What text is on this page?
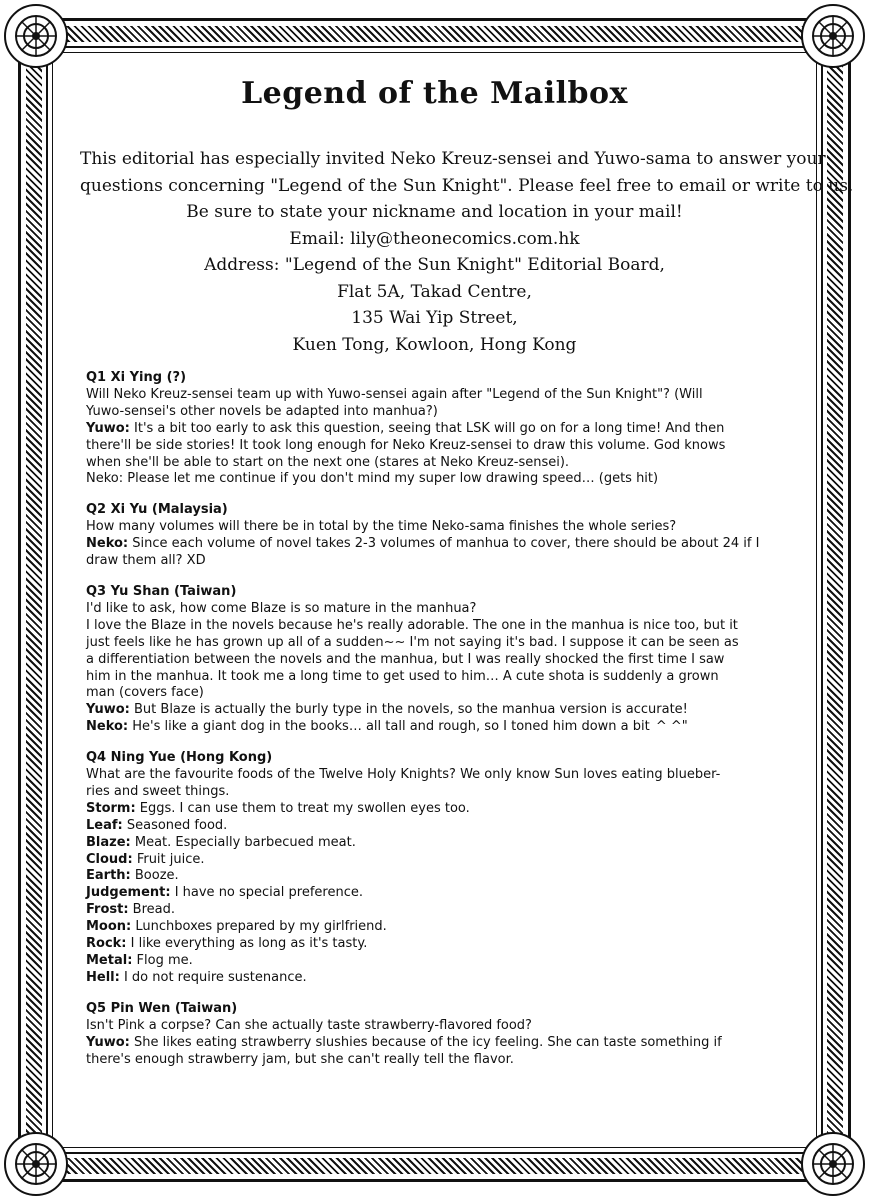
Legend of the Mailbox
This editorial has especially invited Neko Kreuz-sensei and Yuwo-sama to answer your
questions concerning "Legend of the Sun Knight". Please feel free to email or write to us.
Be sure to state your nickname and location in your mail!
Email: lily@theonecomics.com.hk
Address: "Legend of the Sun Knight" Editorial Board,
Flat 5A, Takad Centre,
135 Wai Yip Street,
Kuen Tong, Kowloon, Hong Kong
Q1 Xi Ying (?)
Will Neko Kreuz-sensei team up with Yuwo-sensei again after "Legend of the Sun Knight"? (Will
Yuwo-sensei's other novels be adapted into manhua?)
Yuwo: It's a bit too early to ask this question, seeing that LSK will go on for a long time! And then
there'll be side stories! It took long enough for Neko Kreuz-sensei to draw this volume. God knows
when she'll be able to start on the next one (stares at Neko Kreuz-sensei).
Neko: Please let me continue if you don't mind my super low drawing speed… (gets hit)
Q2 Xi Yu (Malaysia)
How many volumes will there be in total by the time Neko-sama finishes the whole series?
Neko: Since each volume of novel takes 2-3 volumes of manhua to cover, there should be about 24 if I
draw them all? XD
Q3 Yu Shan (Taiwan)
I'd like to ask, how come Blaze is so mature in the manhua?
I love the Blaze in the novels because he's really adorable. The one in the manhua is nice too, but it
just feels like he has grown up all of a sudden~~ I'm not saying it's bad. I suppose it can be seen as
a differentiation between the novels and the manhua, but I was really shocked the first time I saw
him in the manhua. It took me a long time to get used to him… A cute shota is suddenly a grown
man (covers face)
Yuwo: But Blaze is actually the burly type in the novels, so the manhua version is accurate!
Neko: He's like a giant dog in the books… all tall and rough, so I toned him down a bit ^ ^"
Q4 Ning Yue (Hong Kong)
What are the favourite foods of the Twelve Holy Knights? We only know Sun loves eating blueber-
ries and sweet things.
Storm: Eggs. I can use them to treat my swollen eyes too.
Leaf: Seasoned food.
Blaze: Meat. Especially barbecued meat.
Cloud: Fruit juice.
Earth: Booze.
Judgement: I have no special preference.
Frost: Bread.
Moon: Lunchboxes prepared by my girlfriend.
Rock: I like everything as long as it's tasty.
Metal: Flog me.
Hell: I do not require sustenance.
Q5 Pin Wen (Taiwan)
Isn't Pink a corpse? Can she actually taste strawberry-flavored food?
Yuwo: She likes eating strawberry slushies because of the icy feeling. She can taste something if
there's enough strawberry jam, but she can't really tell the flavor.
